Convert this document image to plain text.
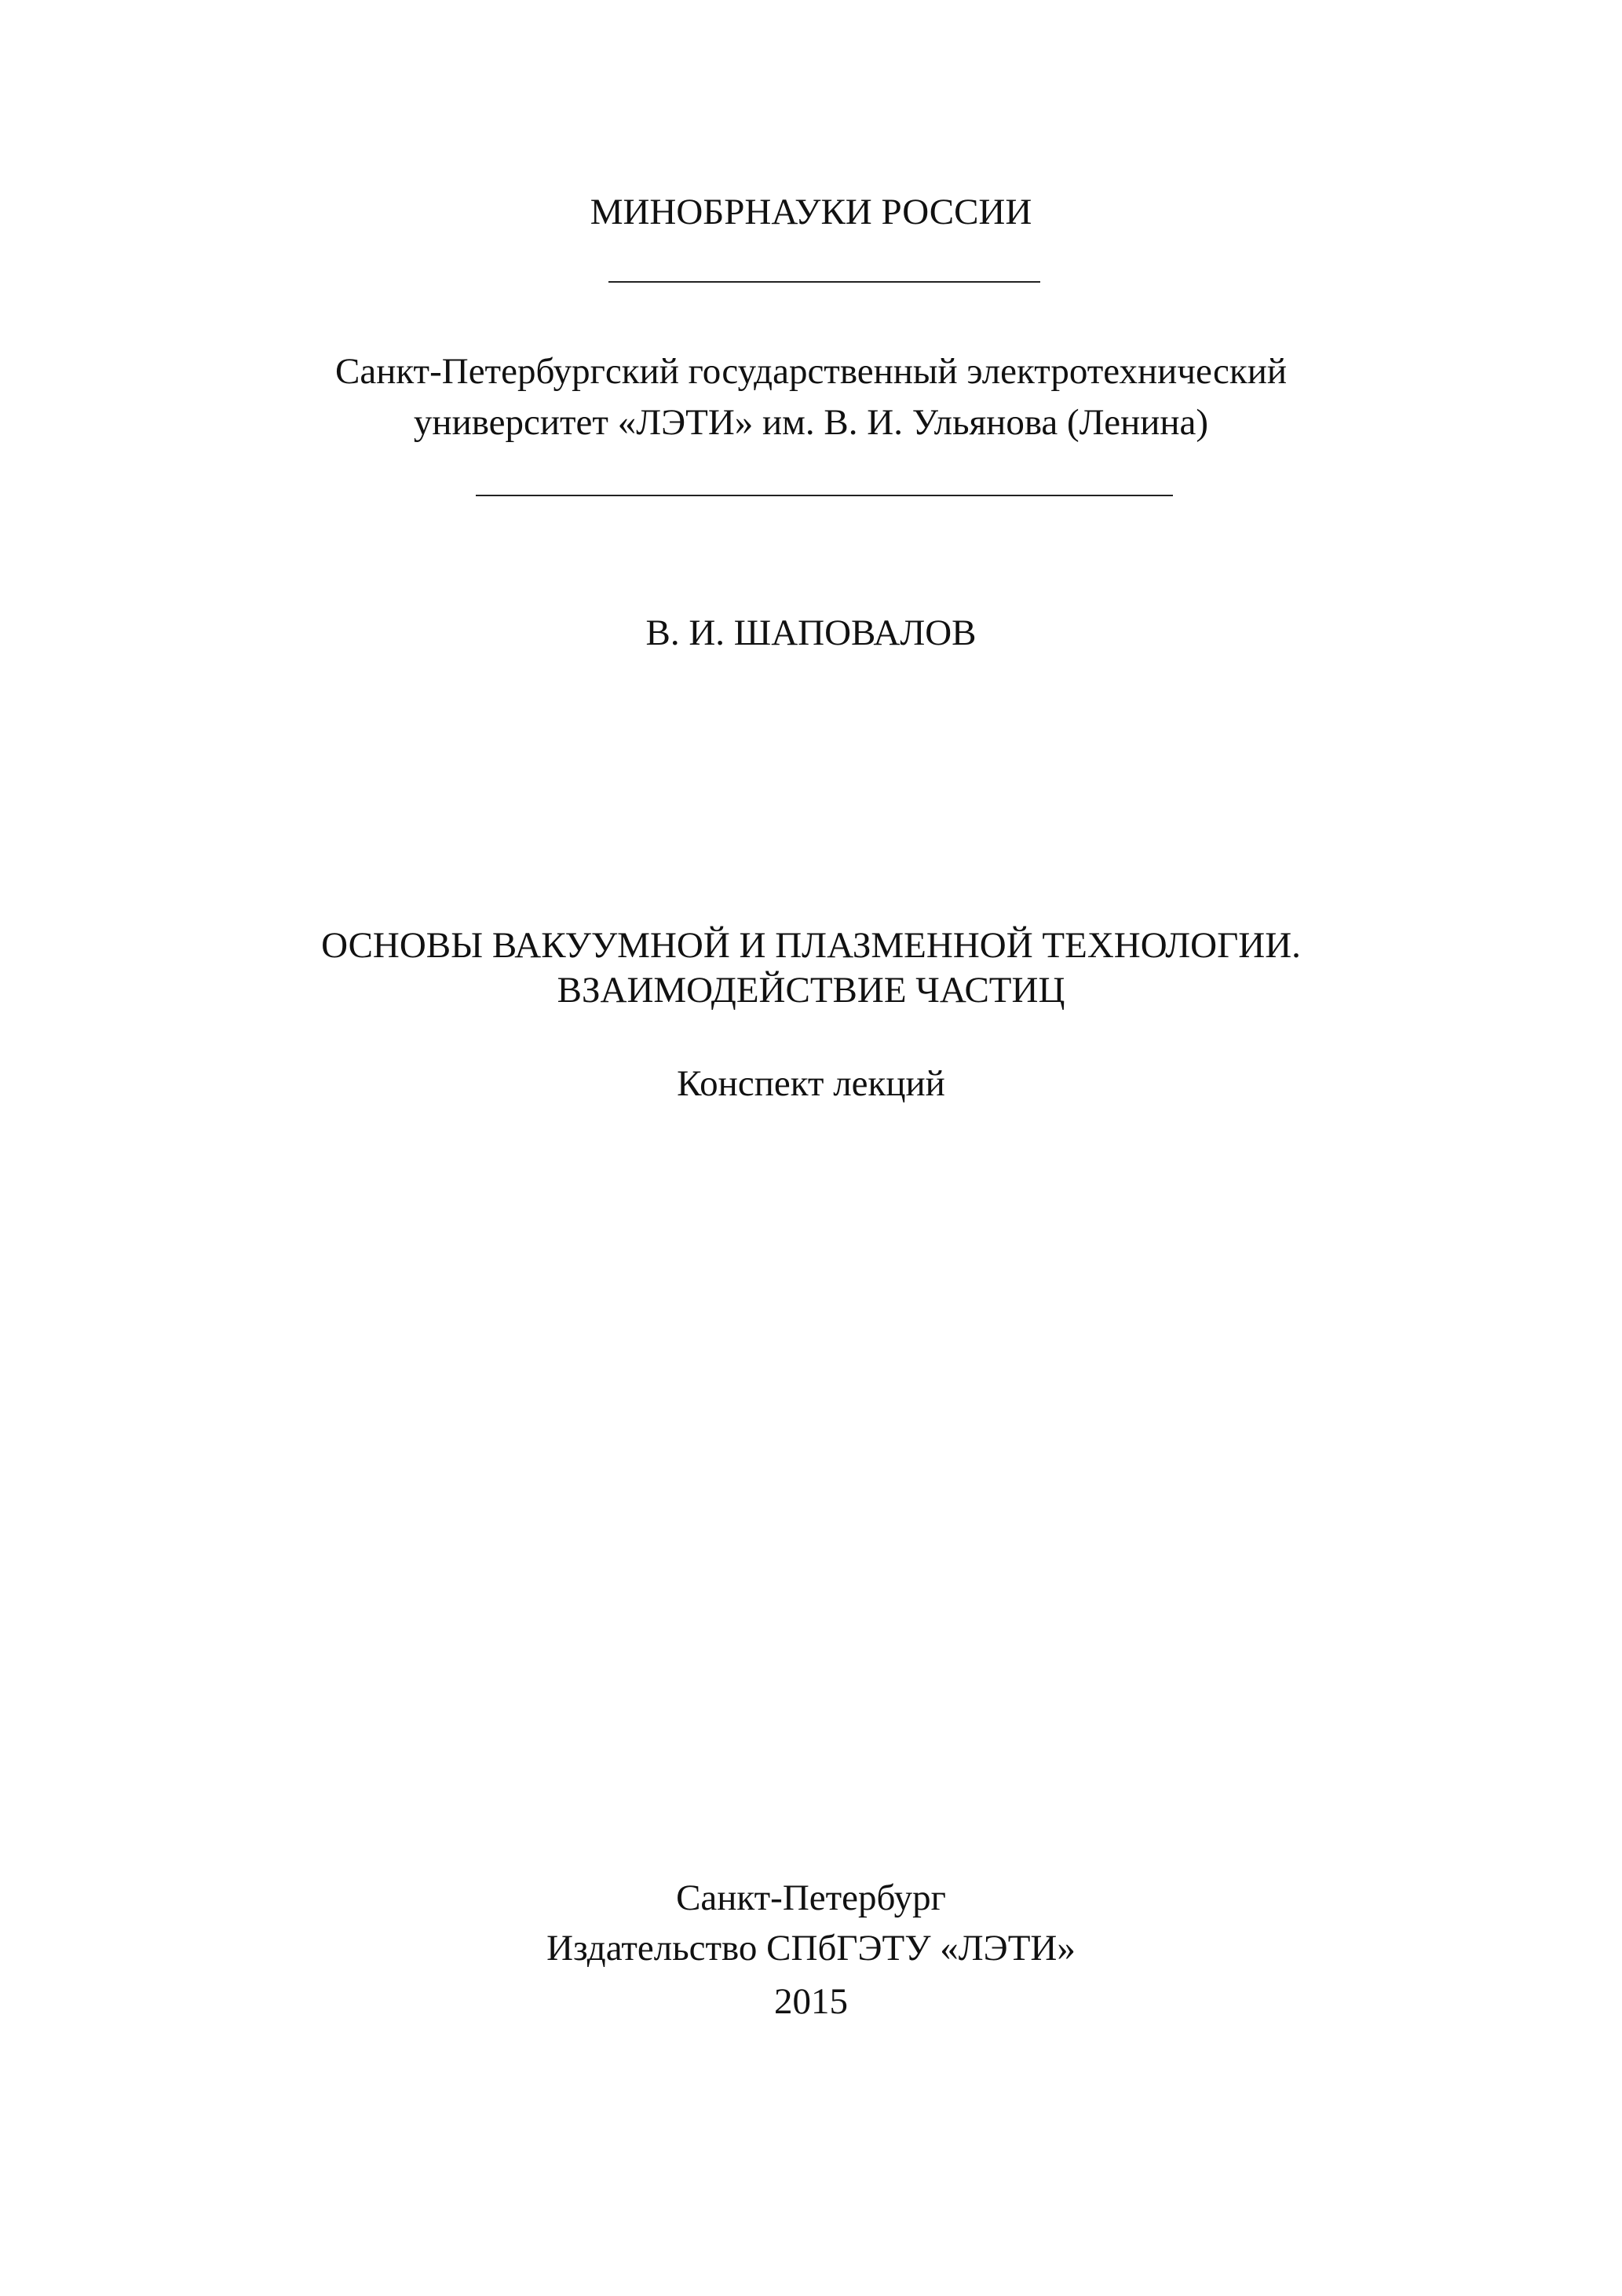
МИНОБРНАУКИ РОССИИ
Санкт-Петербургский государственный электротехнический
университет «ЛЭТИ» им. В. И. Ульянова (Ленина)
В. И. ШАПОВАЛОВ
ОСНОВЫ ВАКУУМНОЙ И ПЛАЗМЕННОЙ ТЕХНОЛОГИИ.
ВЗАИМОДЕЙСТВИЕ ЧАСТИЦ
Конспект лекций
Санкт-Петербург
Издательство СПбГЭТУ «ЛЭТИ»
2015
